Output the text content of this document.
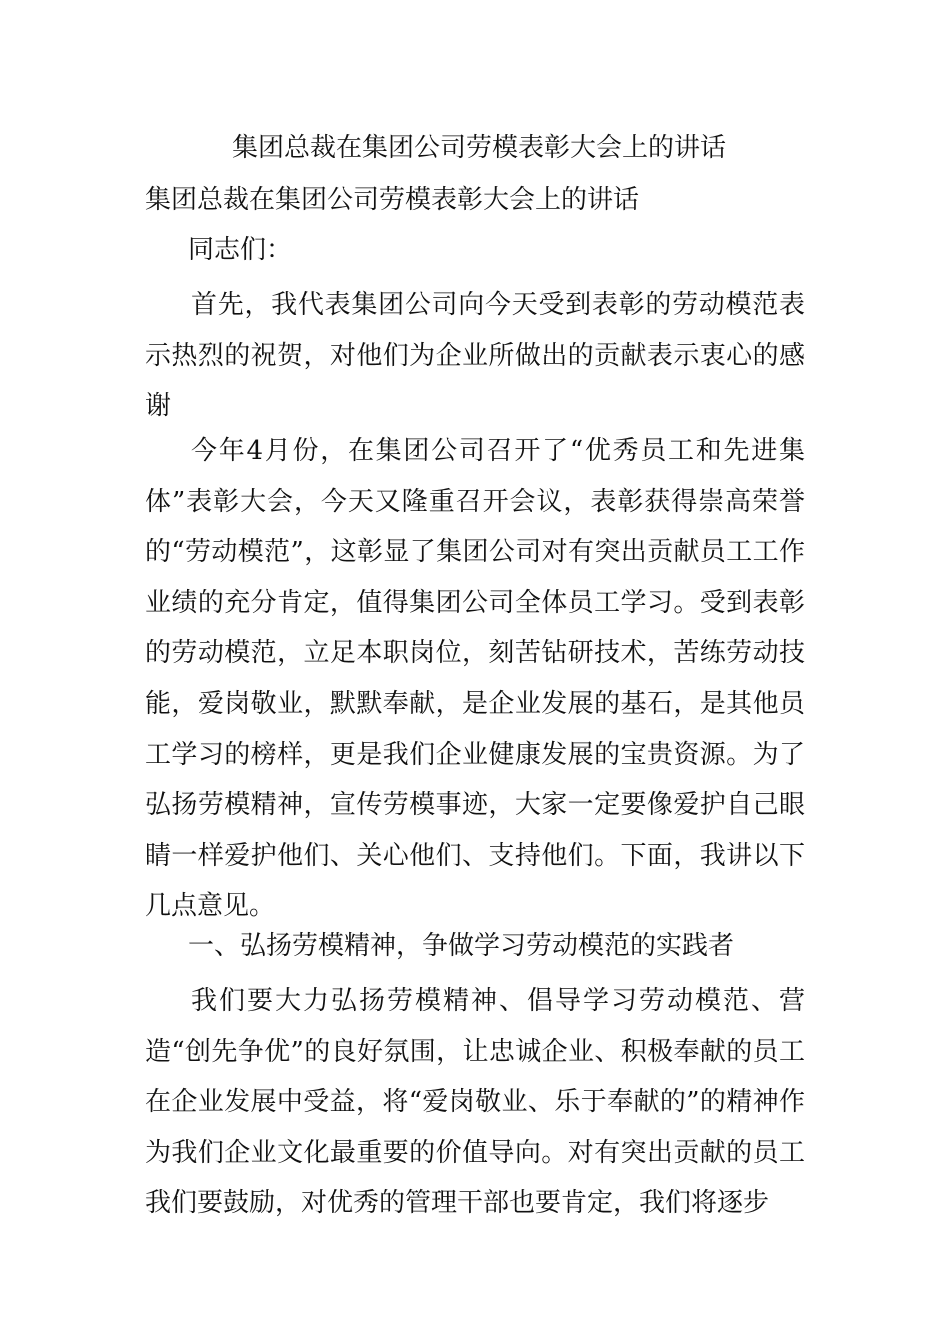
集团总裁在集团公司劳模表彰大会上的讲话
集团总裁在集团公司劳模表彰大会上的讲话
同志们：
首先，我代表集团公司向今天受到表彰的劳动模范表示热烈的祝贺，对他们为企业所做出的贡献表示衷心的感谢
今年4月份，在集团公司召开了“优秀员工和先进集体”表彰大会，今天又隆重召开会议，表彰获得崇高荣誉的“劳动模范”，这彰显了集团公司对有突出贡献员工工作业绩的充分肯定，值得集团公司全体员工学习。受到表彰的劳动模范，立足本职岗位，刻苦钻研技术，苦练劳动技能，爱岗敬业，默默奉献，是企业发展的基石，是其他员工学习的榜样，更是我们企业健康发展的宝贵资源。为了弘扬劳模精神，宣传劳模事迹，大家一定要像爱护自己眼睛一样爱护他们、关心他们、支持他们。下面，我讲以下几点意见。
一、弘扬劳模精神，争做学习劳动模范的实践者
我们要大力弘扬劳模精神、倡导学习劳动模范、营造“创先争优”的良好氛围，让忠诚企业、积极奉献的员工在企业发展中受益，将“爱岗敬业、乐于奉献的”的精神作为我们企业文化最重要的价值导向。对有突出贡献的员工我们要鼓励，对优秀的管理干部也要肯定，我们将逐步
